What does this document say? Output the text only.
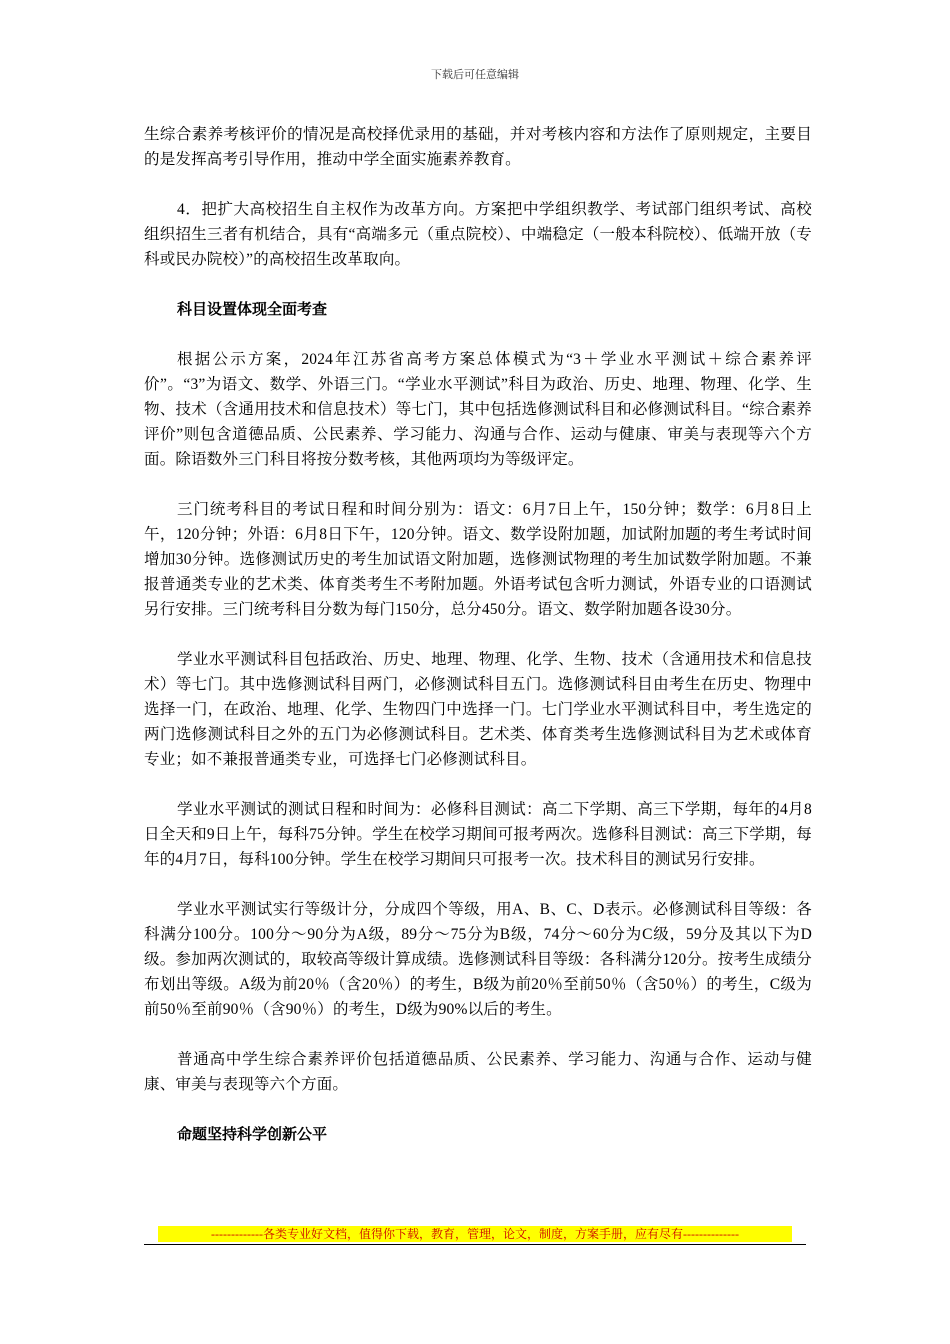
下载后可任意编辑

生综合素养考核评价的情况是高校择优录用的基础，并对考核内容和方法作了原则规定，主要目的是发挥高考引导作用，推动中学全面实施素养教育。

4．把扩大高校招生自主权作为改革方向。方案把中学组织教学、考试部门组织考试、高校组织招生三者有机结合，具有“高端多元（重点院校）、中端稳定（一般本科院校）、低端开放（专科或民办院校）”的高校招生改革取向。

科目设置体现全面考查

根据公示方案，2024年江苏省高考方案总体模式为“3＋学业水平测试＋综合素养评价”。“3”为语文、数学、外语三门。“学业水平测试”科目为政治、历史、地理、物理、化学、生物、技术（含通用技术和信息技术）等七门，其中包括选修测试科目和必修测试科目。“综合素养评价”则包含道德品质、公民素养、学习能力、沟通与合作、运动与健康、审美与表现等六个方面。除语数外三门科目将按分数考核，其他两项均为等级评定。

三门统考科目的考试日程和时间分别为：语文：6月7日上午，150分钟；数学：6月8日上午，120分钟；外语：6月8日下午，120分钟。语文、数学设附加题，加试附加题的考生考试时间增加30分钟。选修测试历史的考生加试语文附加题，选修测试物理的考生加试数学附加题。不兼报普通类专业的艺术类、体育类考生不考附加题。外语考试包含听力测试，外语专业的口语测试另行安排。三门统考科目分数为每门150分，总分450分。语文、数学附加题各设30分。

学业水平测试科目包括政治、历史、地理、物理、化学、生物、技术（含通用技术和信息技术）等七门。其中选修测试科目两门，必修测试科目五门。选修测试科目由考生在历史、物理中选择一门，在政治、地理、化学、生物四门中选择一门。七门学业水平测试科目中，考生选定的两门选修测试科目之外的五门为必修测试科目。艺术类、体育类考生选修测试科目为艺术或体育专业；如不兼报普通类专业，可选择七门必修测试科目。

学业水平测试的测试日程和时间为：必修科目测试：高二下学期、高三下学期，每年的4月8日全天和9日上午，每科75分钟。学生在校学习期间可报考两次。选修科目测试：高三下学期，每年的4月7日，每科100分钟。学生在校学习期间只可报考一次。技术科目的测试另行安排。

学业水平测试实行等级计分，分成四个等级，用A、B、C、D表示。必修测试科目等级：各科满分100分。100分～90分为A级，89分～75分为B级，74分～60分为C级，59分及其以下为D级。参加两次测试的，取较高等级计算成绩。选修测试科目等级：各科满分120分。按考生成绩分布划出等级。A级为前20％（含20％）的考生，B级为前20％至前50％（含50％）的考生，C级为前50％至前90％（含90％）的考生，D级为90%以后的考生。

普通高中学生综合素养评价包括道德品质、公民素养、学习能力、沟通与合作、运动与健康、审美与表现等六个方面。

命题坚持科学创新公平
-------------各类专业好文档，值得你下载，教育，管理，论文，制度，方案手册，应有尽有--------------
